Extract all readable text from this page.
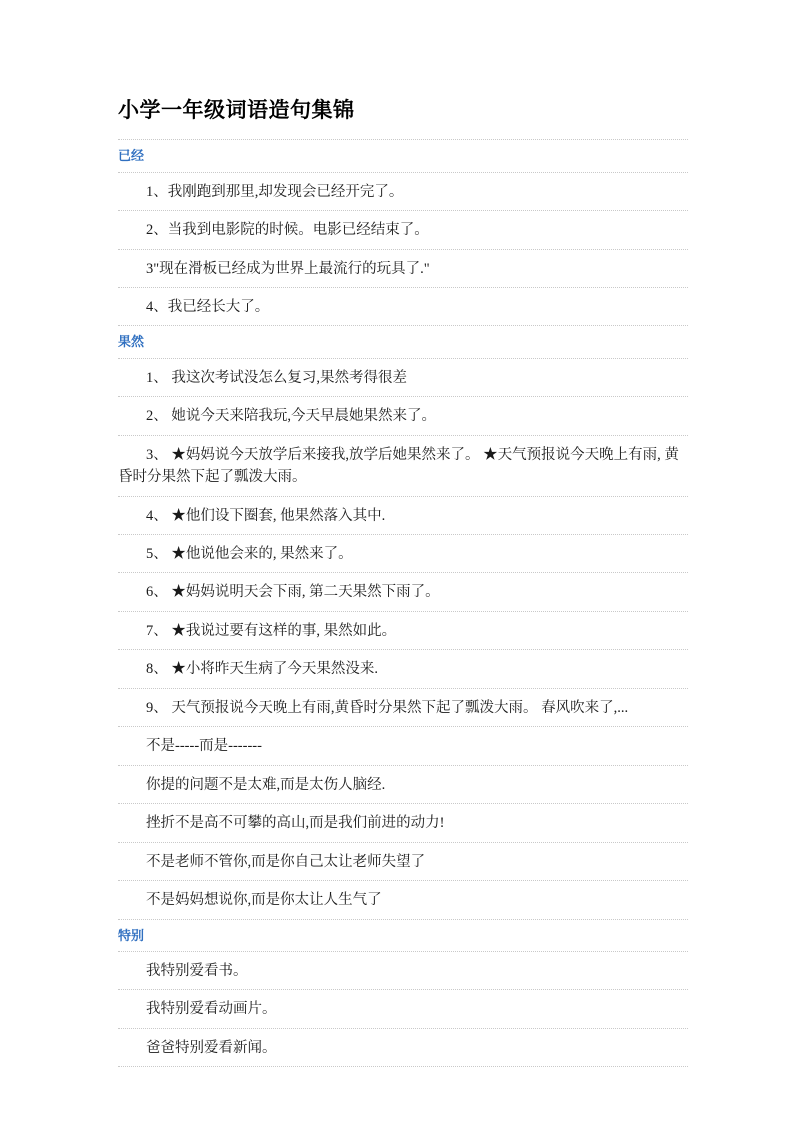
小学一年级词语造句集锦
已经
1、我刚跑到那里,却发现会已经开完了。
2、当我到电影院的时候。电影已经结束了。
3"现在滑板已经成为世界上最流行的玩具了."
4、我已经长大了。
果然
1、 我这次考试没怎么复习,果然考得很差
2、 她说今天来陪我玩,今天早晨她果然来了。
3、 ★妈妈说今天放学后来接我,放学后她果然来了。 ★天气预报说今天晚上有雨, 黄昏时分果然下起了瓢泼大雨。
4、 ★他们设下圈套, 他果然落入其中.
5、 ★他说他会来的, 果然来了。
6、 ★妈妈说明天会下雨, 第二天果然下雨了。
7、 ★我说过要有这样的事, 果然如此。
8、 ★小将昨天生病了今天果然没来.
9、 天气预报说今天晚上有雨,黄昏时分果然下起了瓢泼大雨。 春风吹来了,...
不是-----而是-------
你提的问题不是太难,而是太伤人脑经.
挫折不是高不可攀的高山,而是我们前进的动力!
不是老师不管你,而是你自己太让老师失望了
不是妈妈想说你,而是你太让人生气了
特别
我特别爱看书。
我特别爱看动画片。
爸爸特别爱看新闻。
